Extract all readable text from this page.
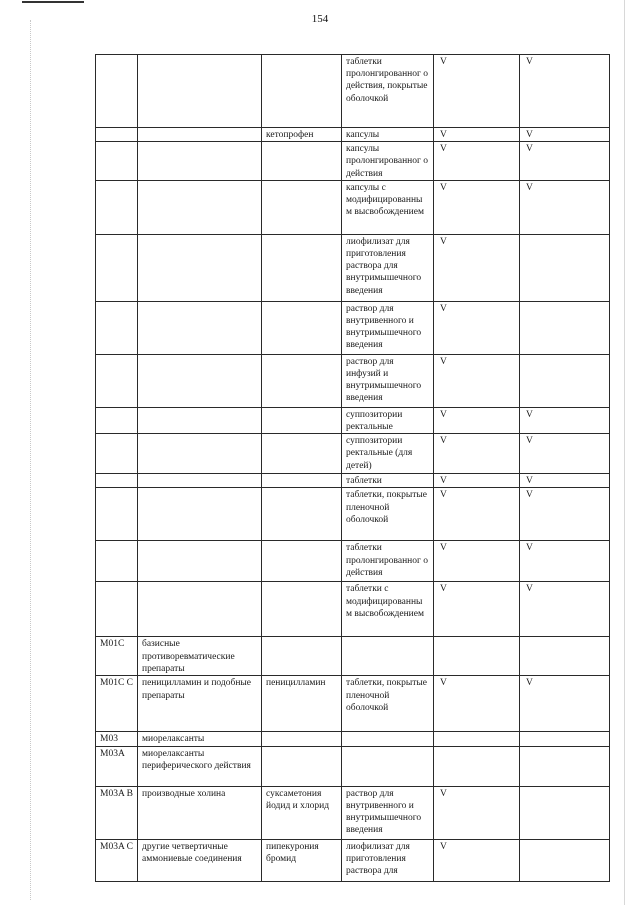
154
			таблетки пролонгированног о действия, покрытые оболочкой	V	V
		кетопрофен	капсулы	V	V
			капсулы пролонгированног о действия	V	V
			капсулы с модифицированны м высвобождением	V	V
			лиофилизат для приготовления раствора для внутримышечного введения	V	
			раствор для внутривенного и внутримышечного введения	V	
			раствор для инфузий и внутримышечного введения	V	
			суппозитории ректальные	V	V
			суппозитории ректальные (для детей)	V	V
			таблетки	V	V
			таблетки, покрытые пленочной оболочкой	V	V
			таблетки пролонгированног о действия	V	V
			таблетки с модифицированны м высвобождением	V	V
M01C	базисные противоревматические препараты				
M01C C	пеницилламин и подобные препараты	пеницилламин	таблетки, покрытые пленочной оболочкой	V	V
M03	миорелаксанты				
M03A	миорелаксанты периферического действия				
M03A B	производные холина	суксаметония йодид и хлорид	раствор для внутривенного и внутримышечного введения	V	
M03A C	другие четвертичные аммониевые соединения	пипекурония бромид	лиофилизат для приготовления раствора для	V	
